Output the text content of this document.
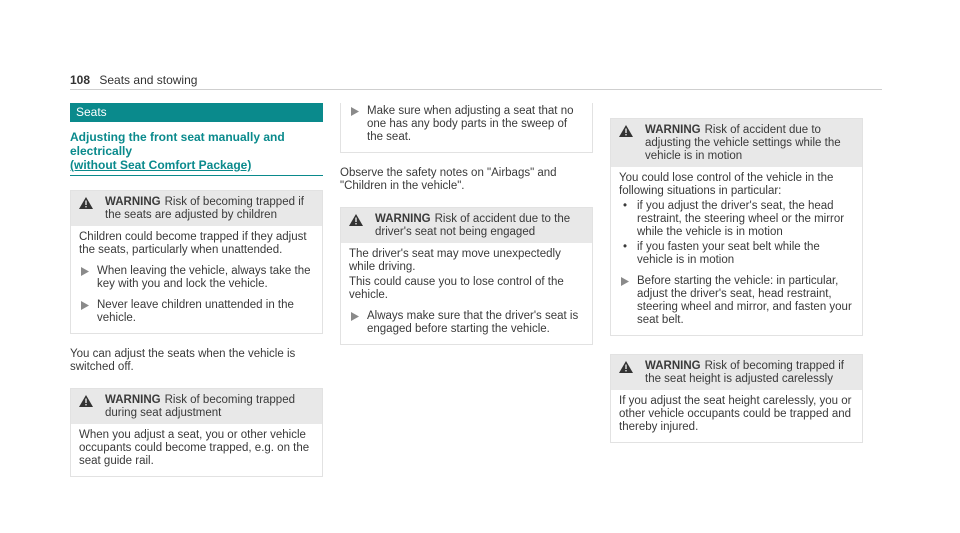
108 Seats and stowing
Seats
Adjusting the front seat manually and electrically
(without Seat Comfort Package)
WARNING Risk of becoming trapped if the seats are adjusted by children

Children could become trapped if they adjust the seats, particularly when unattended.

When leaving the vehicle, always take the key with you and lock the vehicle.
Never leave children unattended in the vehicle.

You can adjust the seats when the vehicle is switched off.

WARNING Risk of becoming trapped during seat adjustment

When you adjust a seat, you or other vehicle occupants could become trapped, e.g. on the seat guide rail.

Make sure when adjusting a seat that no one has any body parts in the sweep of the seat.

Observe the safety notes on "Airbags" and "Children in the vehicle".

WARNING Risk of accident due to the driver's seat not being engaged

The driver's seat may move unexpectedly while driving.

This could cause you to lose control of the vehicle.

Always make sure that the driver's seat is engaged before starting the vehicle.
WARNING Risk of accident due to adjusting the vehicle settings while the vehicle is in motion

You could lose control of the vehicle in the following situations in particular:

• if you adjust the driver's seat, the head restraint, the steering wheel or the mirror while the vehicle is in motion
• if you fasten your seat belt while the vehicle is in motion
Before starting the vehicle: in particular, adjust the driver's seat, head restraint, steering wheel and mirror, and fasten your seat belt.
WARNING Risk of becoming trapped if the seat height is adjusted carelessly

If you adjust the seat height carelessly, you or other vehicle occupants could be trapped and thereby injured.
